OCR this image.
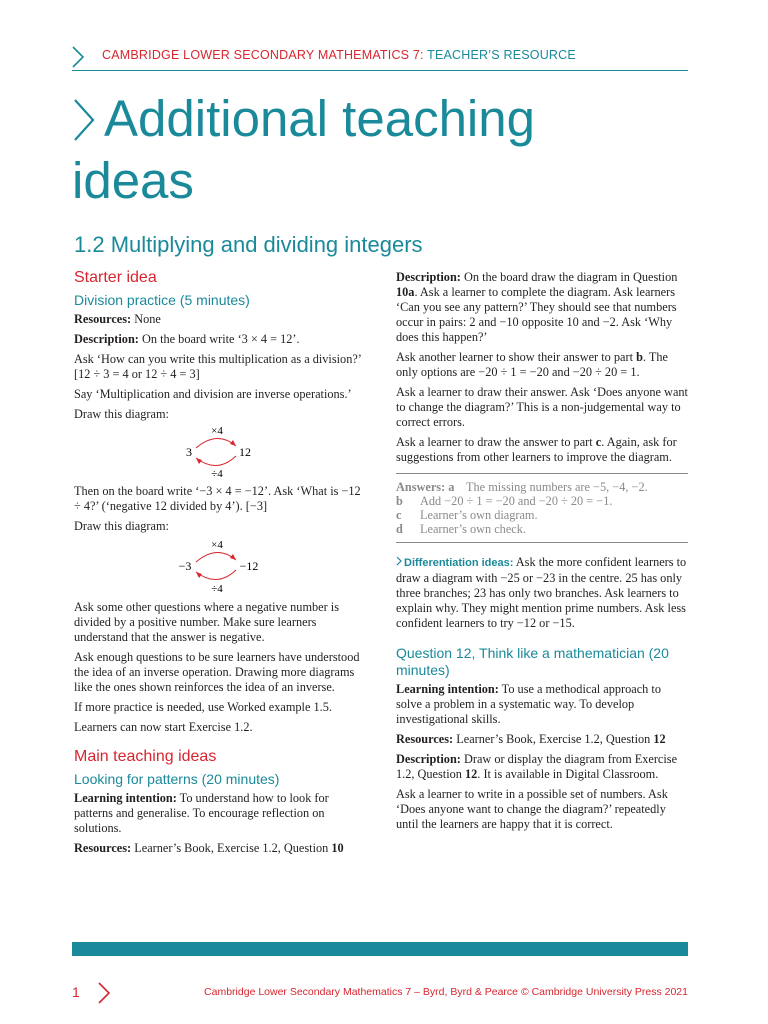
CAMBRIDGE LOWER SECONDARY MATHEMATICS 7: TEACHER’S RESOURCE
Additional teaching
ideas
1.2 Multiplying and dividing integers
Starter idea
Division practice (5 minutes)

Resources: None

Description: On the board write ‘3 × 4 = 12’.

Ask ‘How can you write this multiplication as a division?’ [12 ÷ 3 = 4 or 12 ÷ 4 = 3]

Say ‘Multiplication and division are inverse operations.’

Draw this diagram:

×4
3	12
÷4

Then on the board write ‘−3 × 4 = −12’. Ask ‘What is −12 ÷ 4?’ (‘negative 12 divided by 4’). [−3]

Draw this diagram:

×4
−3	−12
÷4

Ask some other questions where a negative number is divided by a positive number. Make sure learners understand that the answer is negative.

Ask enough questions to be sure learners have understood the idea of an inverse operation. Drawing more diagrams like the ones shown reinforces the idea of an inverse.

If more practice is needed, use Worked example 1.5.

Learners can now start Exercise 1.2.

Main teaching ideas
Looking for patterns (20 minutes)

Learning intention: To understand how to look for patterns and generalise. To encourage reflection on solutions.

Resources: Learner’s Book, Exercise 1.2, Question 10

Description: On the board draw the diagram in Question 10a. Ask a learner to complete the diagram. Ask learners ‘Can you see any pattern?’ They should see that numbers occur in pairs: 2 and −10 opposite 10 and −2. Ask ‘Why does this happen?’

Ask another learner to show their answer to part b. The only options are −20 ÷ 1 = −20 and −20 ÷ 20 = 1.

Ask a learner to draw their answer. Ask ‘Does anyone want to change the diagram?’ This is a non-judgemental way to correct errors.

Ask a learner to draw the answer to part c. Again, ask for suggestions from other learners to improve the diagram.

Answers: a The missing numbers are −5, −4, −2.
b	Add −20 ÷ 1 = −20 and −20 ÷ 20 = −1.
c	Learner’s own diagram.
d	Learner’s own check.

Differentiation ideas: Ask the more confident learners to draw a diagram with −25 or −23 in the centre. 25 has only three branches; 23 has only two branches. Ask learners to explain why. They might mention prime numbers. Ask less confident learners to try −12 or −15.

Question 12, Think like a mathematician (20 minutes)

Learning intention: To use a methodical approach to solve a problem in a systematic way. To develop investigational skills.

Resources: Learner’s Book, Exercise 1.2, Question 12

Description: Draw or display the diagram from Exercise 1.2, Question 12. It is available in Digital Classroom.

Ask a learner to write in a possible set of numbers. Ask ‘Does anyone want to change the diagram?’ repeatedly until the learners are happy that it is correct.

1	Cambridge Lower Secondary Mathematics 7 – Byrd, Byrd & Pearce © Cambridge University Press 2021
